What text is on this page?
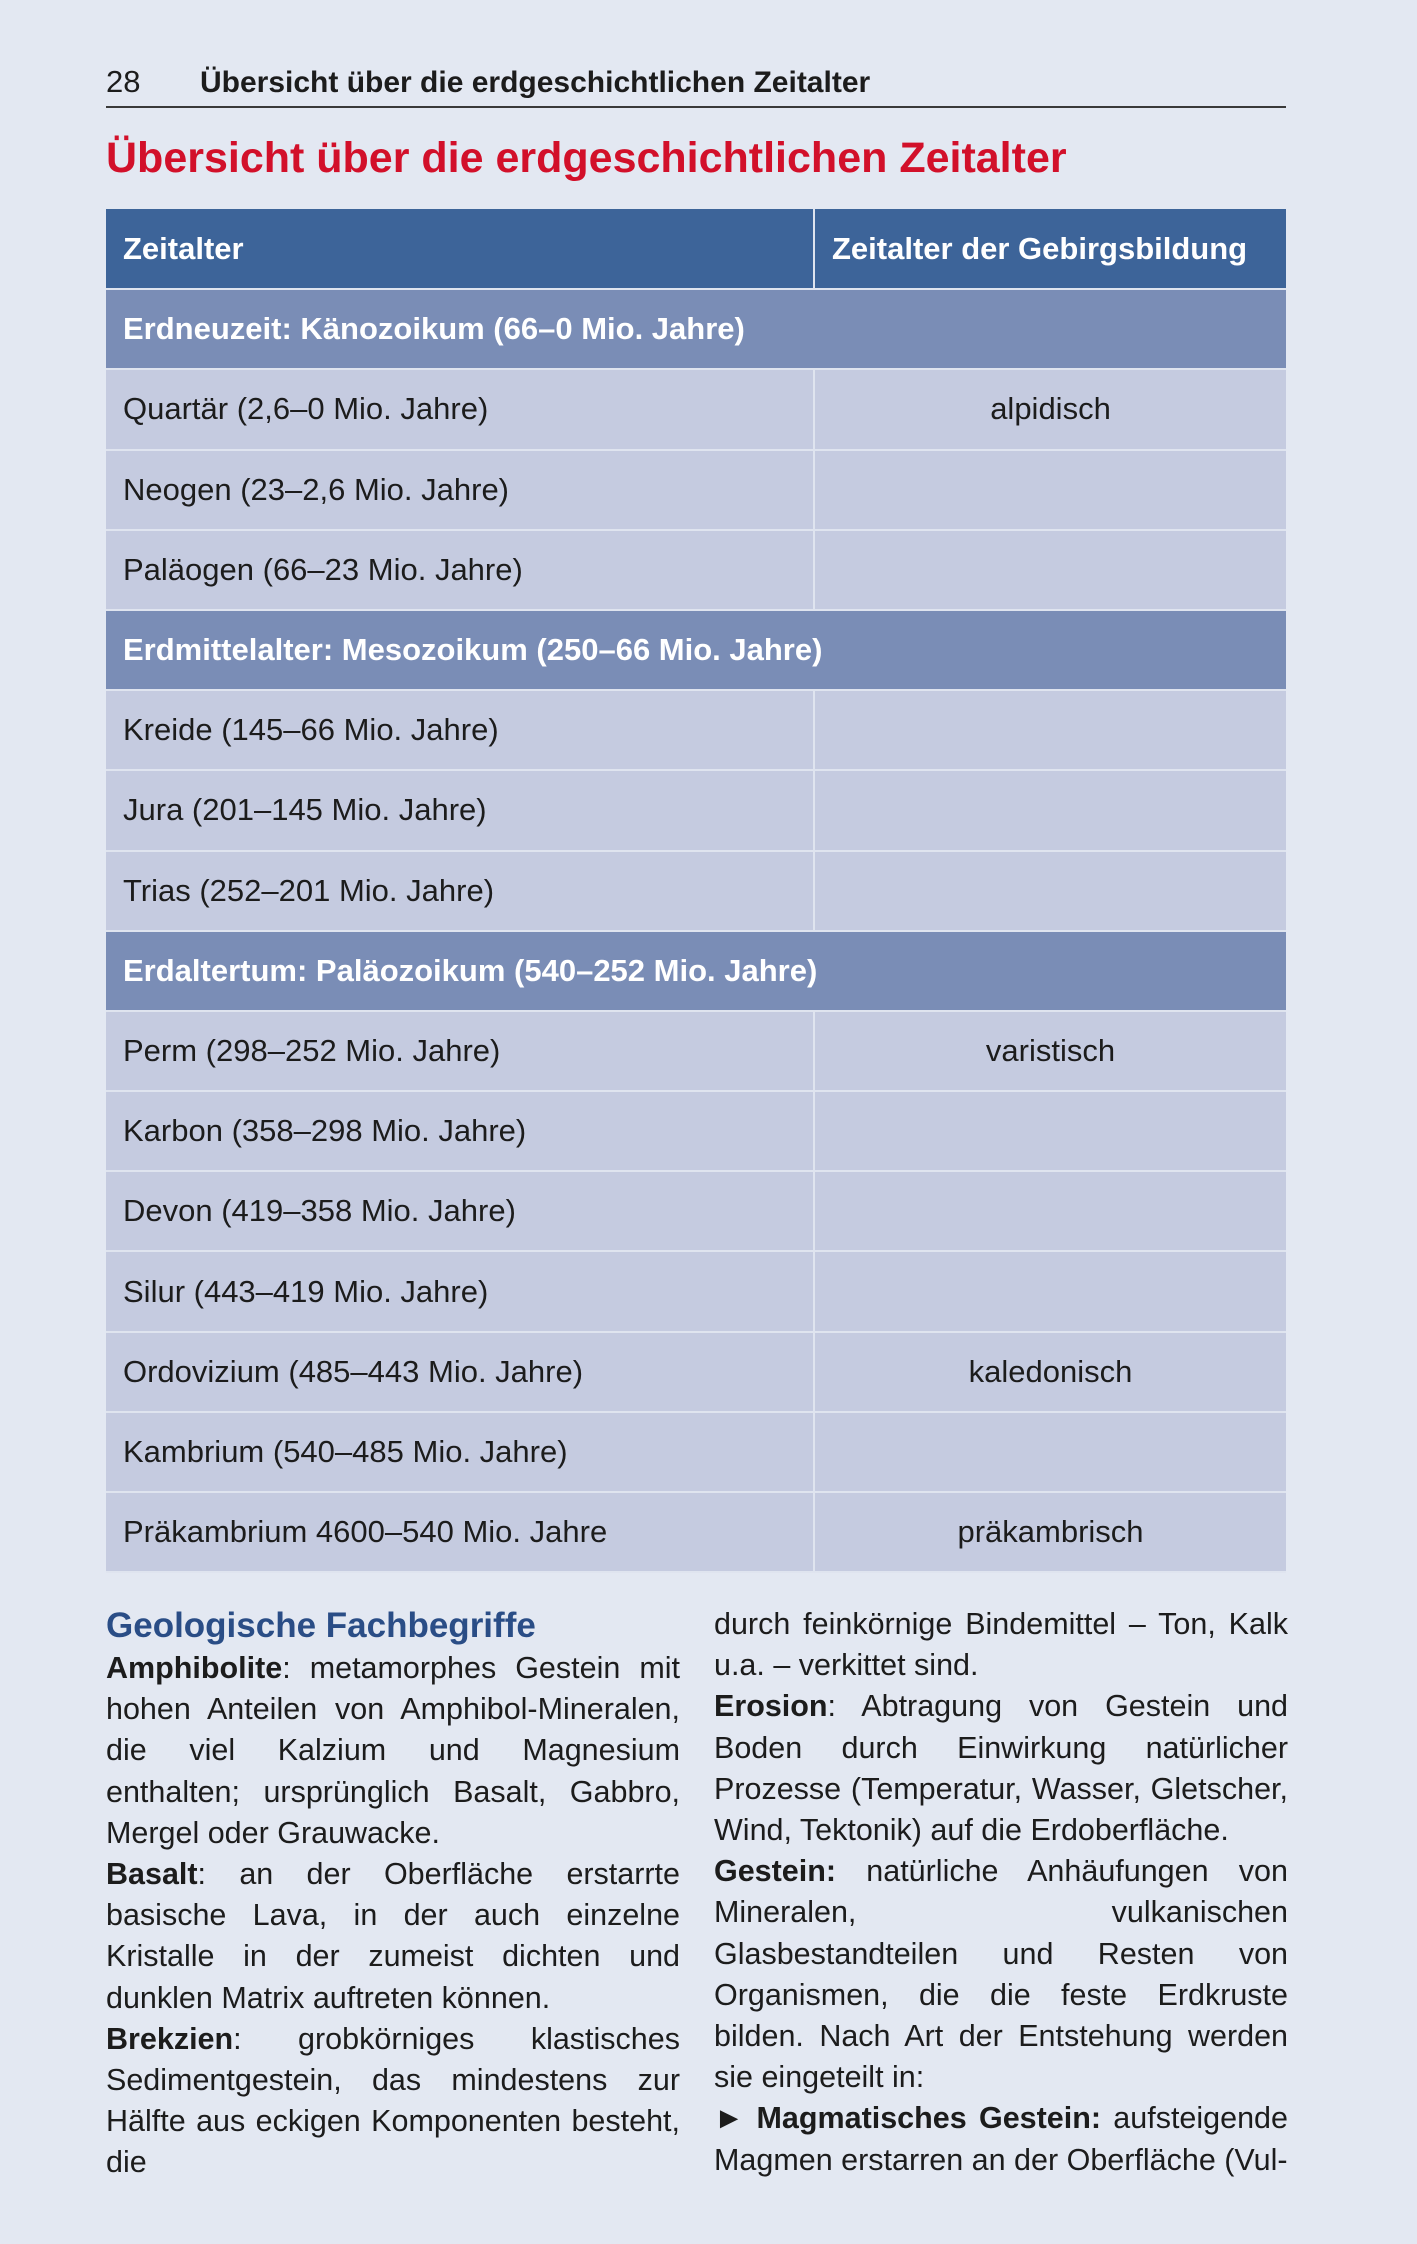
28	Übersicht über die erdgeschichtlichen Zeitalter
Übersicht über die erdgeschichtlichen Zeitalter
Zeitalter	Zeitalter der Gebirgsbildung
Erdneuzeit: Känozoikum (66–0 Mio. Jahre)	
Quartär (2,6–0 Mio. Jahre)	alpidisch
Neogen (23–2,6 Mio. Jahre)	
Paläogen (66–23 Mio. Jahre)	
Erdmittelalter: Mesozoikum (250–66 Mio. Jahre)	
Kreide (145–66 Mio. Jahre)	
Jura (201–145 Mio. Jahre)	
Trias (252–201 Mio. Jahre)	
Erdaltertum: Paläozoikum (540–252 Mio. Jahre)	
Perm (298–252 Mio. Jahre)	varistisch
Karbon (358–298 Mio. Jahre)	
Devon (419–358 Mio. Jahre)	
Silur (443–419 Mio. Jahre)	
Ordovizium (485–443 Mio. Jahre)	kaledonisch
Kambrium (540–485 Mio. Jahre)	
Präkambrium 4600–540 Mio. Jahre	präkambrisch
Geologische Fachbegriffe

Amphibolite: metamorphes Gestein mit hohen Anteilen von Amphibol-Mineralen, die viel Kalzium und Magnesium enthalten; ursprünglich Basalt, Gabbro, Mergel oder Grauwacke.

Basalt: an der Oberfläche erstarrte basische Lava, in der auch einzelne Kristalle in der zumeist dichten und dunklen Matrix auftreten können.

Brekzien: grobkörniges klastisches Sedimentgestein, das mindestens zur Hälfte aus eckigen Komponenten besteht, die

durch feinkörnige Bindemittel – Ton, Kalk u.a. – verkittet sind.

Erosion: Abtragung von Gestein und Boden durch Einwirkung natürlicher Prozesse (Temperatur, Wasser, Gletscher, Wind, Tektonik) auf die Erdoberfläche.

Gestein: natürliche Anhäufungen von Mineralen, vulkanischen Glasbestandteilen und Resten von Organismen, die die feste Erdkruste bilden. Nach Art der Entstehung werden sie eingeteilt in:

► Magmatisches Gestein: aufsteigende Magmen erstarren an der Oberfläche (Vul-
